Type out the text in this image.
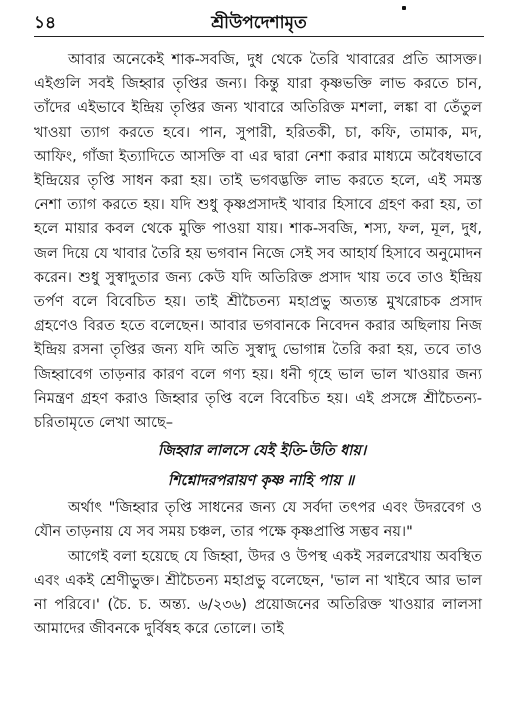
১৪	শ্রীউপদেশামৃত

আবার অনেকেই শাক-সবজি, দুধ থেকে তৈরি খাবারের প্রতি আসক্ত। এইগুলি সবই জিহ্বার তৃপ্তির জন্য। কিন্তু যারা কৃষ্ণভক্তি লাভ করতে চান, তাঁদের এইভাবে ইন্দ্রিয় তৃপ্তির জন্য খাবারে অতিরিক্ত মশলা, লঙ্কা বা তেঁতুল খাওয়া ত্যাগ করতে হবে। পান, সুপারী, হরিতকী, চা, কফি, তামাক, মদ, আফিং, গাঁজা ইত্যাদিতে আসক্তি বা এর দ্বারা নেশা করার মাধ্যমে অবৈধভাবে ইন্দ্রিয়ের তৃপ্তি সাধন করা হয়। তাই ভগবদ্ভক্তি লাভ করতে হলে, এই সমস্ত নেশা ত্যাগ করতে হয়। যদি শুধু কৃষ্ণপ্রসাদই খাবার হিসাবে গ্রহণ করা হয়, তা হলে মায়ার কবল থেকে মুক্তি পাওয়া যায়। শাক-সবজি, শস্য, ফল, মূল, দুধ, জল দিয়ে যে খাবার তৈরি হয় ভগবান নিজে সেই সব আহার্য হিসাবে অনুমোদন করেন। শুধু সুস্বাদুতার জন্য কেউ যদি অতিরিক্ত প্রসাদ খায় তবে তাও ইন্দ্রিয় তর্পণ বলে বিবেচিত হয়। তাই শ্রীচৈতন্য মহাপ্রভু অত্যন্ত মুখরোচক প্রসাদ গ্রহণেও বিরত হতে বলেছেন। আবার ভগবানকে নিবেদন করার অছিলায় নিজ ইন্দ্রিয় রসনা তৃপ্তির জন্য যদি অতি সুস্বাদু ভোগান্ন তৈরি করা হয়, তবে তাও জিহ্বাবেগ তাড়নার কারণ বলে গণ্য হয়। ধনী গৃহে ভাল ভাল খাওয়ার জন্য নিমন্ত্রণ গ্রহণ করাও জিহ্বার তৃপ্তি বলে বিবেচিত হয়। এই প্রসঙ্গে শ্রীচৈতন্য-চরিতামৃতে লেখা আছে–

জিহ্বার লালসে যেই ইতি-উতি ধায়।

শিশ্নোদরপরায়ণ কৃষ্ণ নাহি পায় ॥

অর্থাৎ "জিহ্বার তৃপ্তি সাধনের জন্য যে সর্বদা তৎপর এবং উদরবেগ ও যৌন তাড়নায় যে সব সময় চঞ্চল, তার পক্ষে কৃষ্ণপ্রাপ্তি সম্ভব নয়।"

আগেই বলা হয়েছে যে জিহ্বা, উদর ও উপস্থ একই সরলরেখায় অবস্থিত এবং একই শ্রেণীভুক্ত। শ্রীচৈতন্য মহাপ্রভু বলেছেন, 'ভাল না খাইবে আর ভাল না পরিবে।' (চৈ. চ. অন্ত্য. ৬/২৩৬) প্রয়োজনের অতিরিক্ত খাওয়ার লালসা আমাদের জীবনকে দুর্বিষহ করে তোলে। তাই
